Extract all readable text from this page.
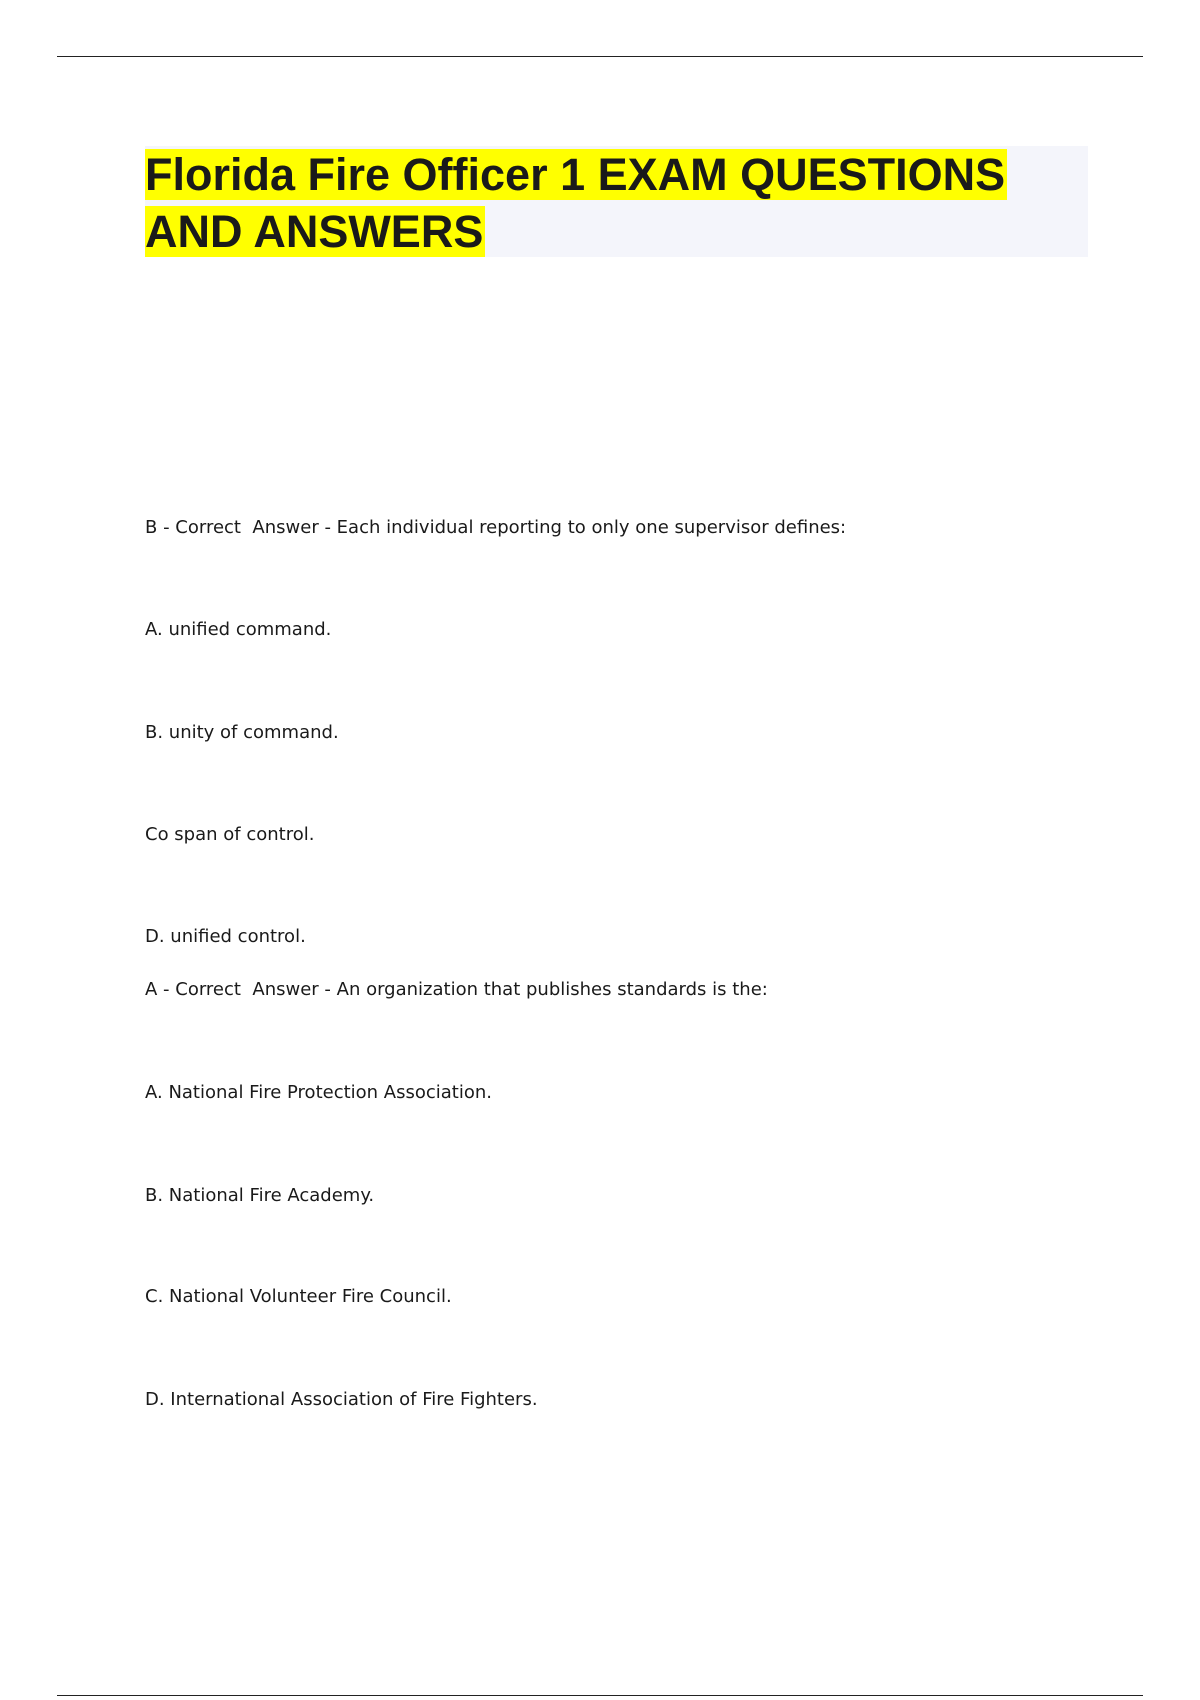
Florida Fire Officer 1 EXAM QUESTIONS AND ANSWERS

B - Correct  Answer - Each individual reporting to only one supervisor defines:

A. unified command.

B. unity of command.

Co span of control.

D. unified control.

A - Correct  Answer - An organization that publishes standards is the:

A. National Fire Protection Association.

B. National Fire Academy.

C. National Volunteer Fire Council.

D. International Association of Fire Fighters.
